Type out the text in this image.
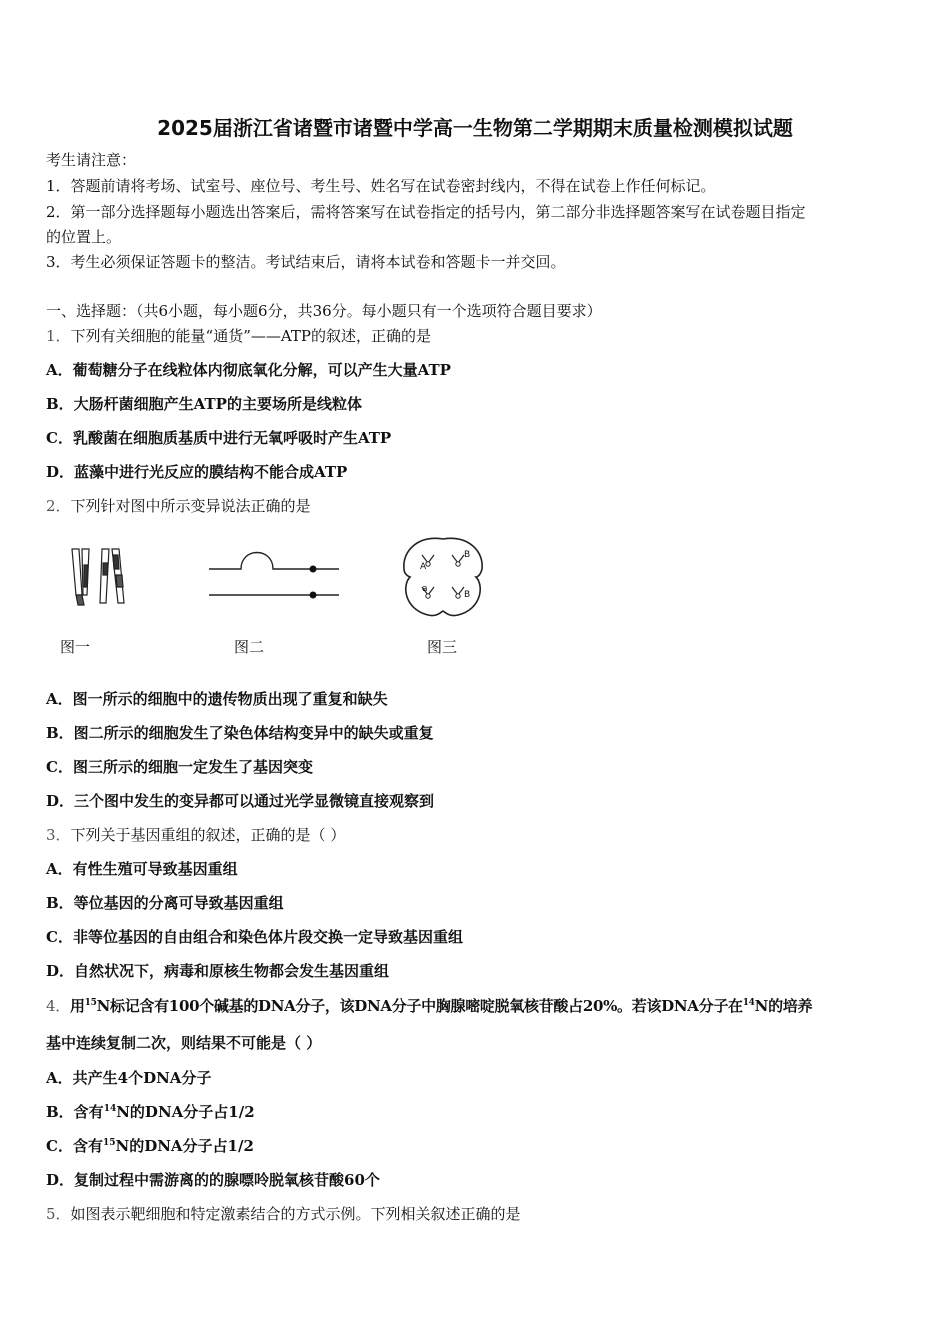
2025届浙江省诸暨市诸暨中学高一生物第二学期期末质量检测模拟试题
考生请注意：
1．答题前请将考场、试室号、座位号、考生号、姓名写在试卷密封线内，不得在试卷上作任何标记。
2．第一部分选择题每小题选出答案后，需将答案写在试卷指定的括号内，第二部分非选择题答案写在试卷题目指定
的位置上。
3．考生必须保证答题卡的整洁。考试结束后，请将本试卷和答题卡一并交回。
一、选择题：（共6小题，每小题6分，共36分。每小题只有一个选项符合题目要求）
1．下列有关细胞的能量“通货”——ATP的叙述，正确的是
A．葡萄糖分子在线粒体内彻底氧化分解，可以产生大量ATP
B．大肠杆菌细胞产生ATP的主要场所是线粒体
C．乳酸菌在细胞质基质中进行无氧呼吸时产生ATP
D．蓝藻中进行光反应的膜结构不能合成ATP
2．下列针对图中所示变异说法正确的是
图一	图二
A
B
a
B
图三
A．图一所示的细胞中的遗传物质出现了重复和缺失
B．图二所示的细胞发生了染色体结构变异中的缺失或重复
C．图三所示的细胞一定发生了基因突变
D．三个图中发生的变异都可以通过光学显微镜直接观察到
3．下列关于基因重组的叙述，正确的是（ ）
A．有性生殖可导致基因重组
B．等位基因的分离可导致基因重组
C．非等位基因的自由组合和染色体片段交换一定导致基因重组
D．自然状况下，病毒和原核生物都会发生基因重组
4．用$^{15}$N标记含有100个碱基的DNA分子，该DNA分子中胸腺嘧啶脱氧核苷酸占20%。若该DNA分子在$^{14}$N的培养
基中连续复制二次，则结果不可能是（ ）
A．共产生4个DNA分子
B．含有$^{14}$N的DNA分子占1/2
C．含有$^{15}$N的DNA分子占1/2
D．复制过程中需游离的的腺嘌呤脱氧核苷酸60个
5．如图表示靶细胞和特定激素结合的方式示例。下列相关叙述正确的是
